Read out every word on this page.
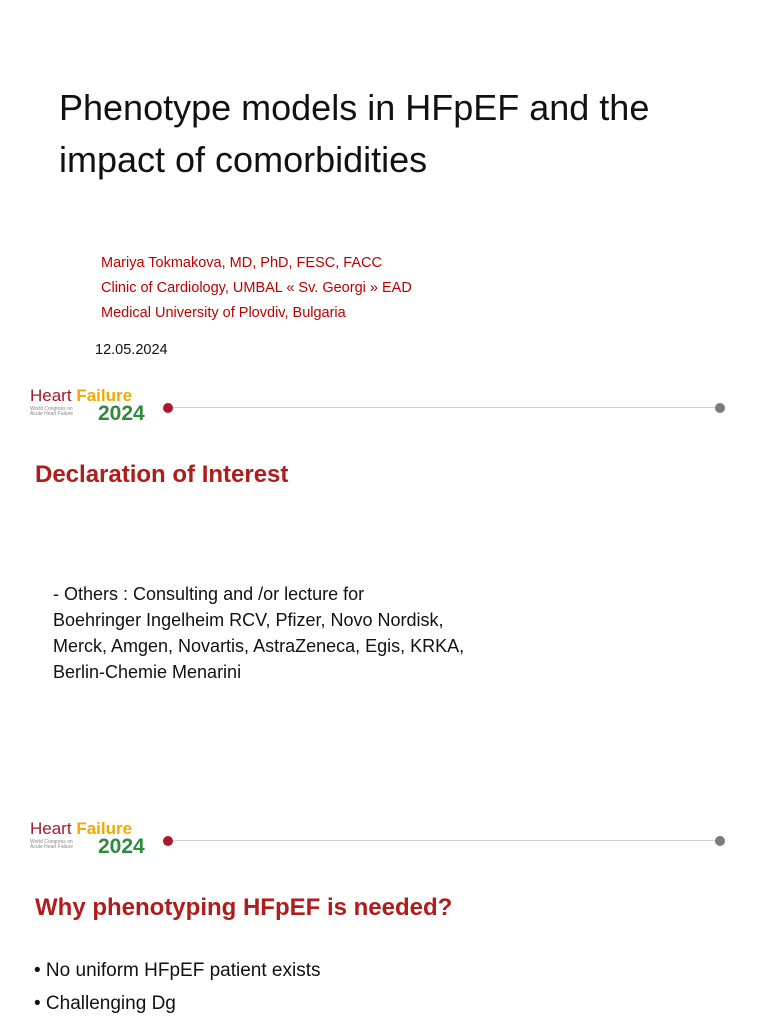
Phenotype models in HFpEF and the
impact of comorbidities
Mariya Tokmakova, MD, PhD, FESC, FACC
Clinic of Cardiology, UMBAL « Sv. Georgi » EAD
Medical University of Plovdiv, Bulgaria
12.05.2024
Heart Failure
World Congress on
Acute Heart Failure	2024
Declaration of Interest
- Others : Consulting and /or lecture for
Boehringer Ingelheim RCV, Pfizer, Novo Nordisk,
Merck, Amgen, Novartis, AstraZeneca, Egis, KRKA,
Berlin-Chemie Menarini
Heart Failure
World Congress on
Acute Heart Failure	2024
Why phenotyping HFpEF is needed?
• No uniform HFpEF patient exists
• Challenging Dg
